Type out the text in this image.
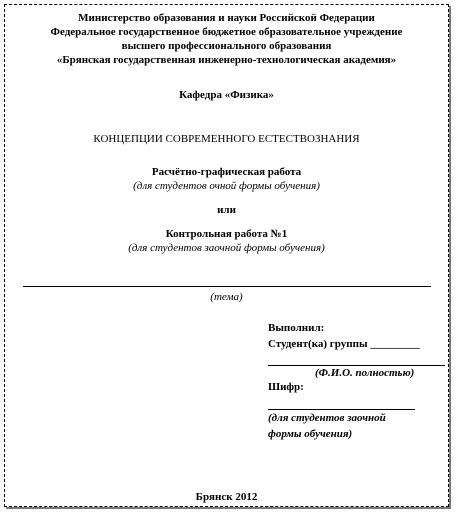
Министерство образования и науки Российской Федерации
Федеральное государственное бюджетное образовательное учреждение
высшего профессионального образования
«Брянская государственная инженерно-технологическая академия»
Кафедра «Физика»
КОНЦЕПЦИИ СОВРЕМЕННОГО ЕСТЕСТВОЗНАНИЯ
Расчётно-графическая работа
(для студентов очной формы обучения)
или
Контрольная работа №1
(для студентов заочной формы обучения)
(тема)
Выполнил:
Студент(ка) группы _________
(Ф.И.О. полностью)
Шифр:
(для студентов заочной
формы обучения)
Брянск 2012
